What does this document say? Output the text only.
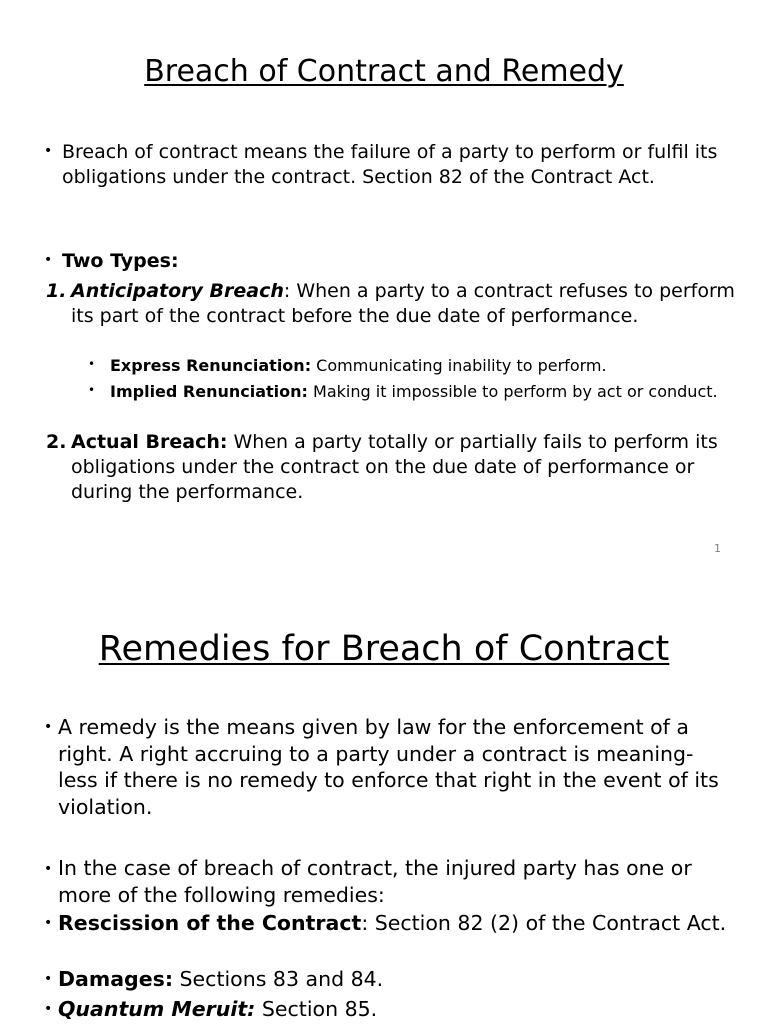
Breach of Contract and Remedy
• Breach of contract means the failure of a party to perform or fulfil its obligations under the contract. Section 82 of the Contract Act.

• Two Types:

1. Anticipatory Breach: When a party to a contract refuses to perform its part of the contract before the due date of performance.

• Express Renunciation: Communicating inability to perform.

• Implied Renunciation: Making it impossible to perform by act or conduct.

2. Actual Breach: When a party totally or partially fails to perform its obligations under the contract on the due date of performance or during the performance.

1
Remedies for Breach of Contract
• A remedy is the means given by law for the enforcement of a right. A right accruing to a party under a contract is meaning-less if there is no remedy to enforce that right in the event of its violation.

• In the case of breach of contract, the injured party has one or more of the following remedies:

• Rescission of the Contract: Section 82 (2) of the Contract Act.

• Damages: Sections 83 and 84.

• Quantum Meruit: Section 85.
